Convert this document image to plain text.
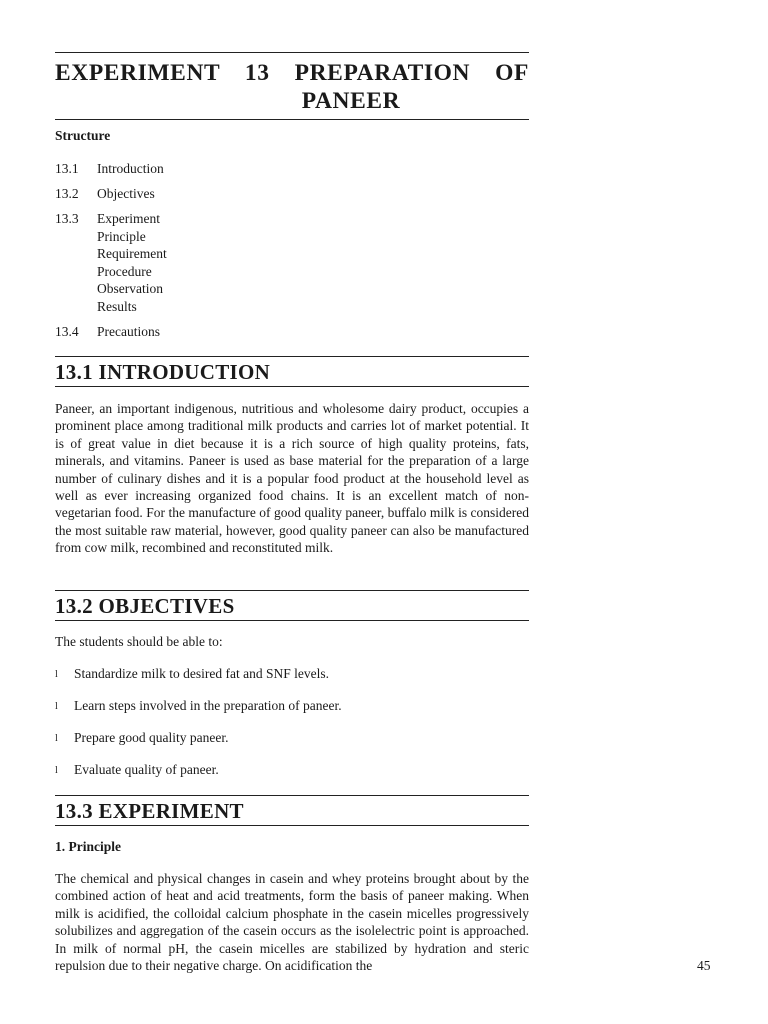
EXPERIMENT 13 PREPARATION OF
PANEER
Structure
13.1	Introduction
13.2	Objectives
13.3	Experiment
Principle
Requirement
Procedure
Observation
Results
13.4	Precautions
13.1 INTRODUCTION
Paneer, an important indigenous, nutritious and wholesome dairy product, occupies a prominent place among traditional milk products and carries lot of market potential. It is of great value in diet because it is a rich source of high quality proteins, fats, minerals, and vitamins. Paneer is used as base material for the preparation of a large number of culinary dishes and it is a popular food product at the household level as well as ever increasing organized food chains. It is an excellent match of non-vegetarian food. For the manufacture of good quality paneer, buffalo milk is considered the most suitable raw material, however, good quality paneer can also be manufactured from cow milk, recombined and reconstituted milk.
13.2 OBJECTIVES
The students should be able to:
l	Standardize milk to desired fat and SNF levels.
l	Learn steps involved in the preparation of paneer.
l	Prepare good quality paneer.
l	Evaluate quality of paneer.
13.3 EXPERIMENT
1. Principle
The chemical and physical changes in casein and whey proteins brought about by the combined action of heat and acid treatments, form the basis of paneer making. When milk is acidified, the colloidal calcium phosphate in the casein micelles progressively solubilizes and aggregation of the casein occurs as the isolelectric point is approached. In milk of normal pH, the casein micelles are stabilized by hydration and steric repulsion due to their negative charge. On acidification the	45
